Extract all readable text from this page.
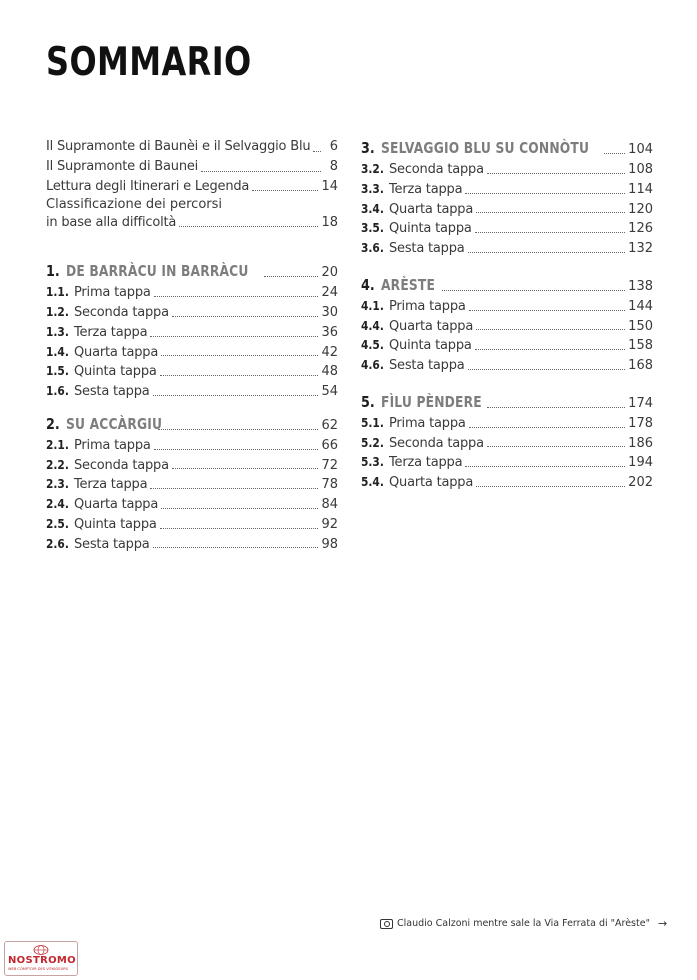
SOMMARIO
Il Supramonte di Baunèi e il Selvaggio Blu	6
Il Supramonte di Baunei	8
Lettura degli Itinerari e Legenda	14
Classificazione dei percorsi
in base alla difficoltà	18
1. DE BARRÀCU IN BARRÀCU	20
1.1. Prima tappa	24
1.2. Seconda tappa	30
1.3. Terza tappa	36
1.4. Quarta tappa	42
1.5. Quinta tappa	48
1.6. Sesta tappa	54
2. SU ACCÀRGIU	62
2.1. Prima tappa	66
2.2. Seconda tappa	72
2.3. Terza tappa	78
2.4. Quarta tappa	84
2.5. Quinta tappa	92
2.6. Sesta tappa	98
3. SELVAGGIO BLU SU CONNÒTU	104
3.2. Seconda tappa	108
3.3. Terza tappa	114
3.4. Quarta tappa	120
3.5. Quinta tappa	126
3.6. Sesta tappa	132
4. ARÈSTE	138
4.1. Prima tappa	144
4.4. Quarta tappa	150
4.5. Quinta tappa	158
4.6. Sesta tappa	168
5. FÌLU PÈNDERE	174
5.1. Prima tappa	178
5.2. Seconda tappa	186
5.3. Terza tappa	194
5.4. Quarta tappa	202
Claudio Calzoni mentre sale la Via Ferrata di "Arèste" →
NOSTROMO
WEB COMPTOIR DES VOYAGEURS
